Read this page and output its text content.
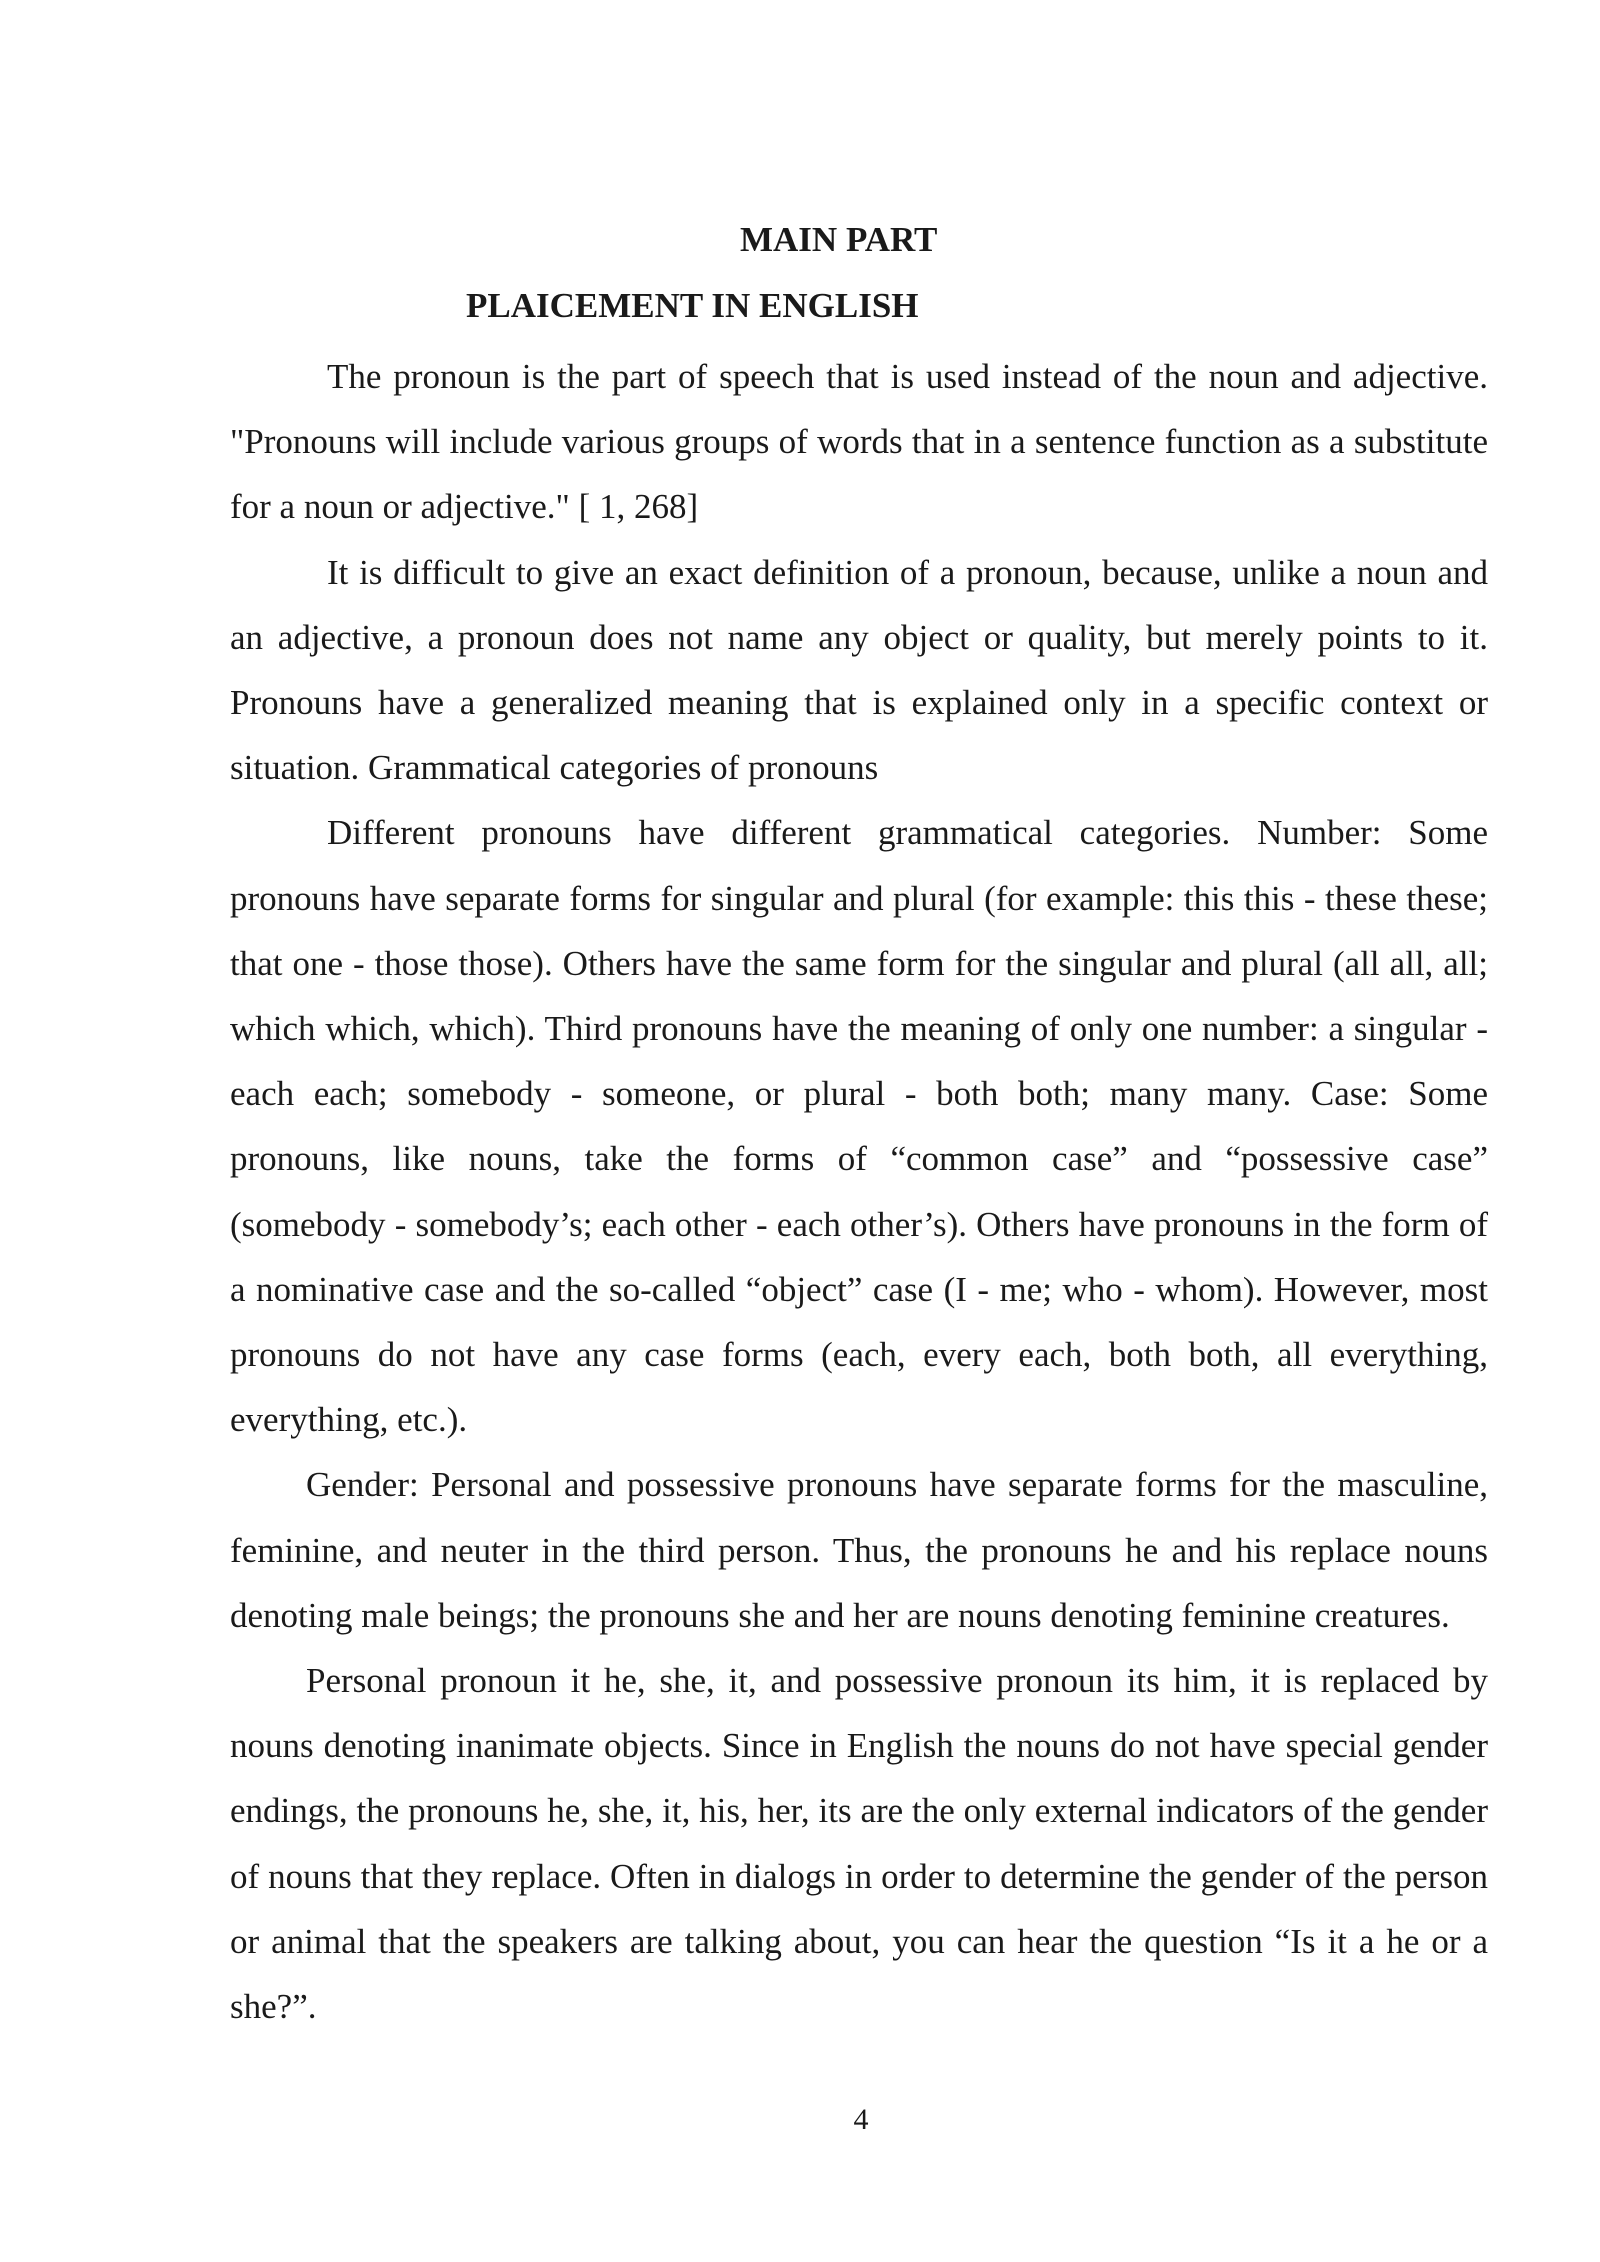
MAIN PART
PLAICEMENT IN ENGLISH

The pronoun is the part of speech that is used instead of the noun and adjective. "Pronouns will include various groups of words that in a sentence function as a substitute for a noun or adjective." [ 1, 268]

It is difficult to give an exact definition of a pronoun, because, unlike a noun and an adjective, a pronoun does not name any object or quality, but merely points to it. Pronouns have a generalized meaning that is explained only in a specific context or situation. Grammatical categories of pronouns

Different pronouns have different grammatical categories. Number: Some pronouns have separate forms for singular and plural (for example: this this - these these; that one - those those). Others have the same form for the singular and plural (all all, all; which which, which). Third pronouns have the meaning of only one number: a singular - each each; somebody - someone, or plural - both both; many many. Case: Some pronouns, like nouns, take the forms of “common case” and “possessive case” (somebody - somebody’s; each other - each other’s). Others have pronouns in the form of a nominative case and the so-called “object” case (I - me; who - whom). However, most pronouns do not have any case forms (each, every each, both both, all everything, everything, etc.).

Gender: Personal and possessive pronouns have separate forms for the masculine, feminine, and neuter in the third person. Thus, the pronouns he and his replace nouns denoting male beings; the pronouns she and her are nouns denoting feminine creatures.

Personal pronoun it he, she, it, and possessive pronoun its him, it is replaced by nouns denoting inanimate objects. Since in English the nouns do not have special gender endings, the pronouns he, she, it, his, her, its are the only external indicators of the gender of nouns that they replace. Often in dialogs in order to determine the gender of the person or animal that the speakers are talking about, you can hear the question “Is it a he or a she?”.

4
